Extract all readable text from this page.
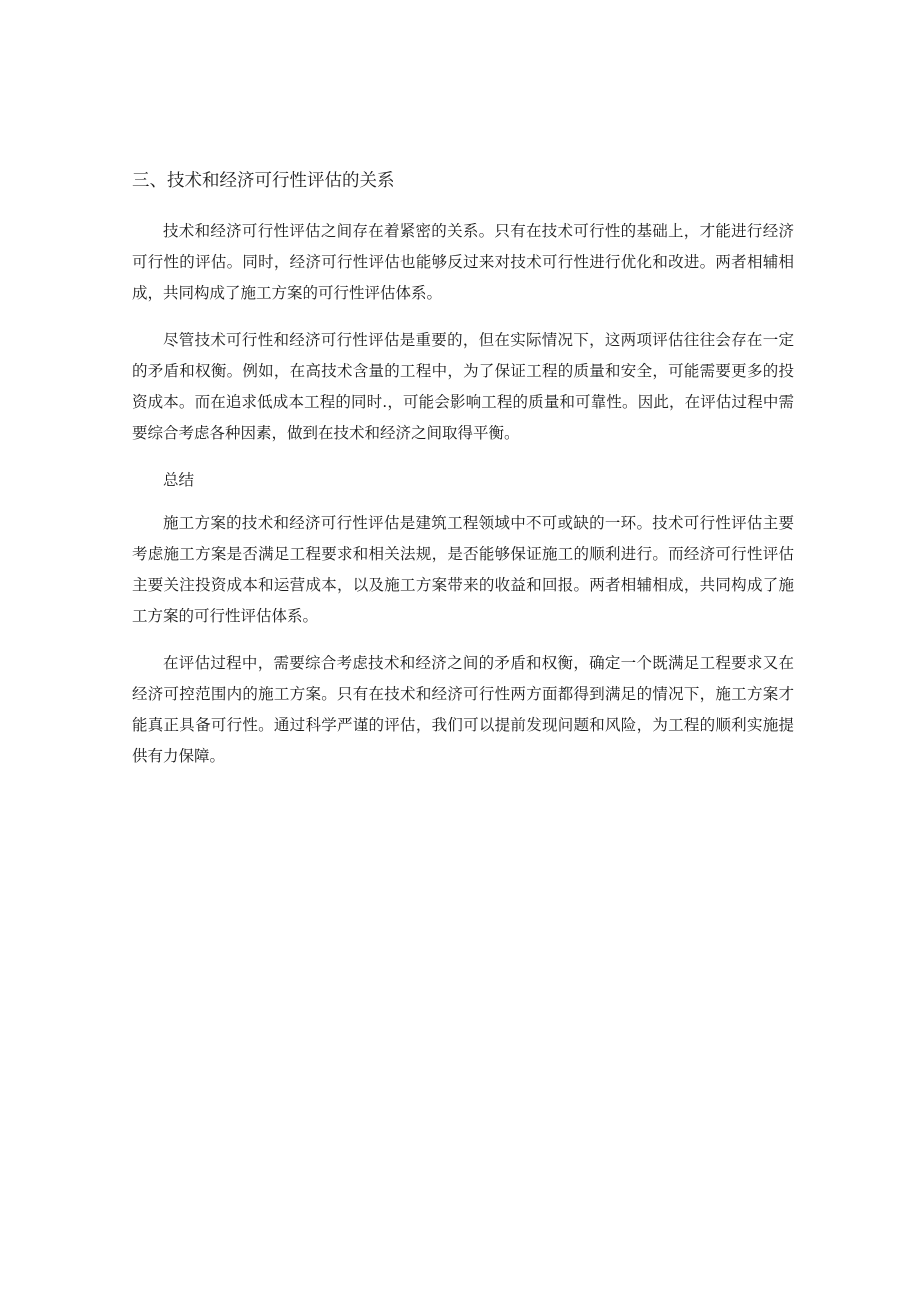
三、技术和经济可行性评估的关系

技术和经济可行性评估之间存在着紧密的关系。只有在技术可行性的基础上，才能进行经济可行性的评估。同时，经济可行性评估也能够反过来对技术可行性进行优化和改进。两者相辅相成，共同构成了施工方案的可行性评估体系。

尽管技术可行性和经济可行性评估是重要的，但在实际情况下，这两项评估往往会存在一定的矛盾和权衡。例如，在高技术含量的工程中，为了保证工程的质量和安全，可能需要更多的投资成本。而在追求低成本工程的同时.，可能会影响工程的质量和可靠性。因此，在评估过程中需要综合考虑各种因素，做到在技术和经济之间取得平衡。

总结

施工方案的技术和经济可行性评估是建筑工程领域中不可或缺的一环。技术可行性评估主要考虑施工方案是否满足工程要求和相关法规，是否能够保证施工的顺利进行。而经济可行性评估主要关注投资成本和运营成本，以及施工方案带来的收益和回报。两者相辅相成，共同构成了施工方案的可行性评估体系。

在评估过程中，需要综合考虑技术和经济之间的矛盾和权衡，确定一个既满足工程要求又在经济可控范围内的施工方案。只有在技术和经济可行性两方面都得到满足的情况下，施工方案才能真正具备可行性。通过科学严谨的评估，我们可以提前发现问题和风险，为工程的顺利实施提供有力保障。
